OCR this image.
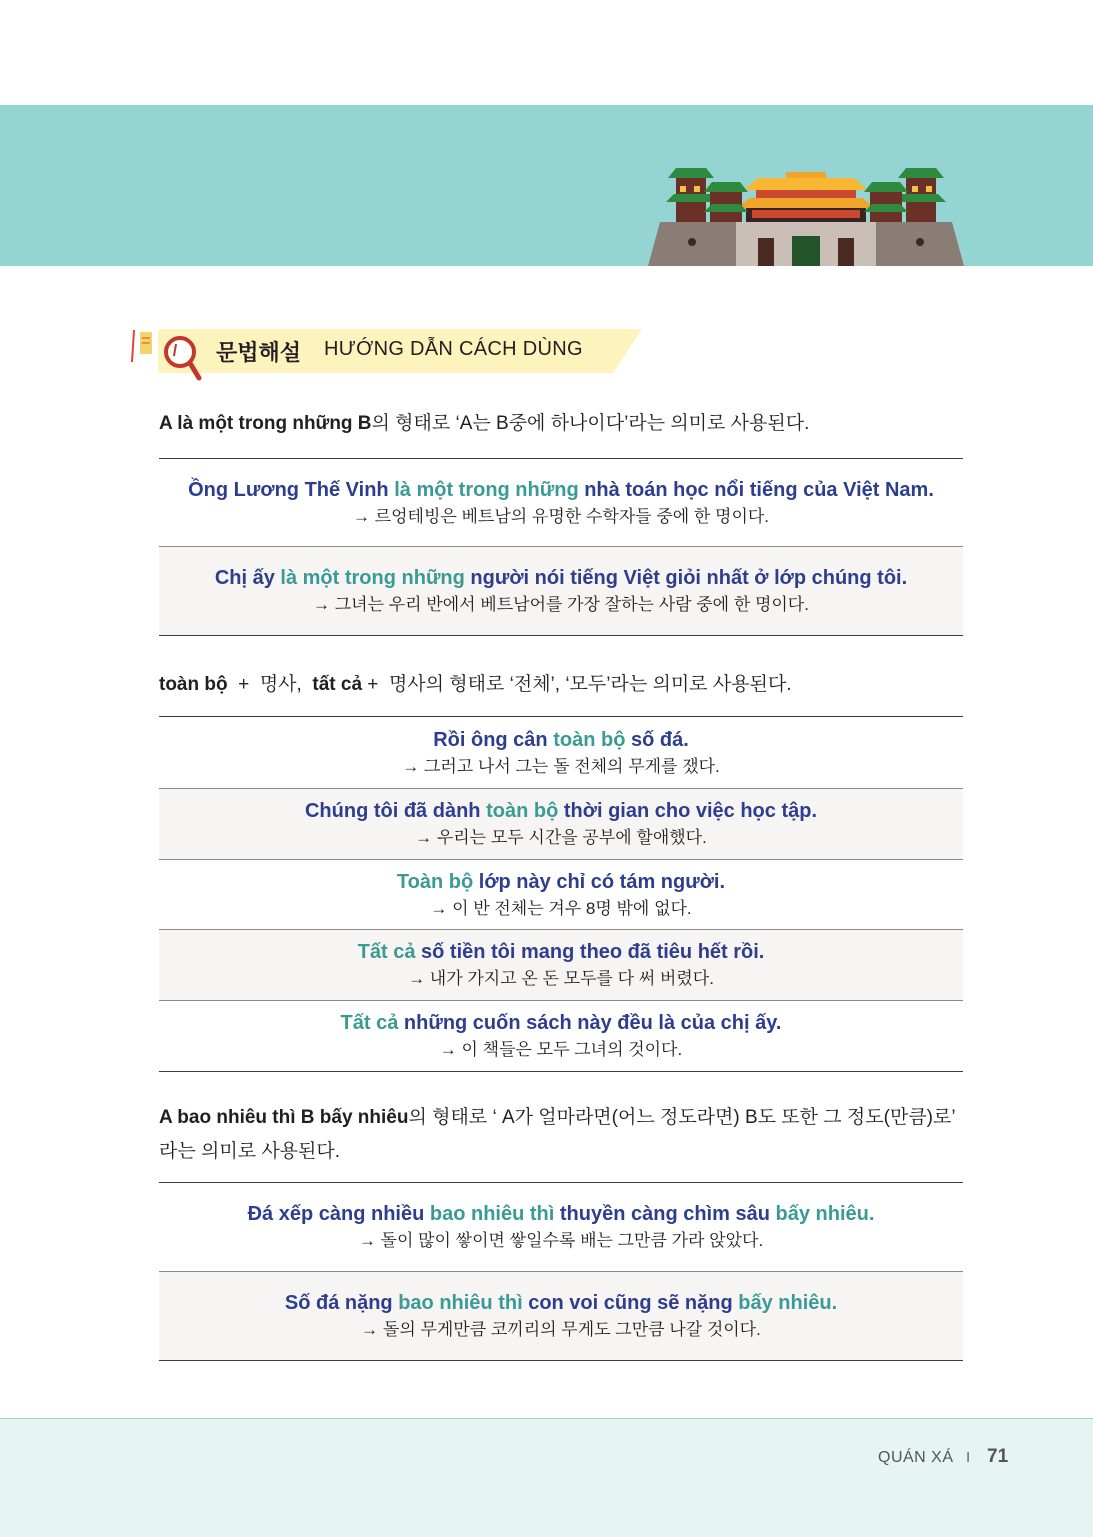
문법해설 HƯỚNG DẪN CÁCH DÙNG
A là một trong những B의 형태로 ‘A는 B중에 하나이다’라는 의미로 사용된다.
Ồng Lương Thế Vinh là một trong những nhà toán học nổi tiếng của Việt Nam.
→ 르엉테빙은 베트남의 유명한 수학자들 중에 한 명이다.
Chị ấy là một trong những người nói tiếng Việt giỏi nhất ở lớp chúng tôi.
→ 그녀는 우리 반에서 베트남어를 가장 잘하는 사람 중에 한 명이다.
toàn bộ  +  명사,  tất cả +  명사의 형태로 ‘전체’, ‘모두’라는 의미로 사용된다.
Rồi ông cân toàn bộ số đá.
→ 그러고 나서 그는 돌 전체의 무게를 쟀다.
Chúng tôi đã dành toàn bộ thời gian cho việc học tập.
→ 우리는 모두 시간을 공부에 할애했다.
Toàn bộ lớp này chỉ có tám người.
→ 이 반 전체는 겨우 8명 밖에 없다.
Tất cả số tiền tôi mang theo đã tiêu hết rồi.
→ 내가 가지고 온 돈 모두를 다 써 버렸다.
Tất cả những cuốn sách này đều là của chị ấy.
→ 이 책들은 모두 그녀의 것이다.
A bao nhiêu thì B bấy nhiêu의 형태로 ‘ A가 얼마라면(어느 정도라면) B도 또한 그 정도(만큼)로’
라는 의미로 사용된다.
Đá xếp càng nhiều bao nhiêu thì thuyền càng chìm sâu bấy nhiêu.
→ 돌이 많이 쌓이면 쌓일수록 배는 그만큼 가라 앉았다.
Số đá nặng bao nhiêu thì con voi cũng sẽ nặng bấy nhiêu.
→ 돌의 무게만큼 코끼리의 무게도 그만큼 나갈 것이다.
QUÁN XÁ I 71
